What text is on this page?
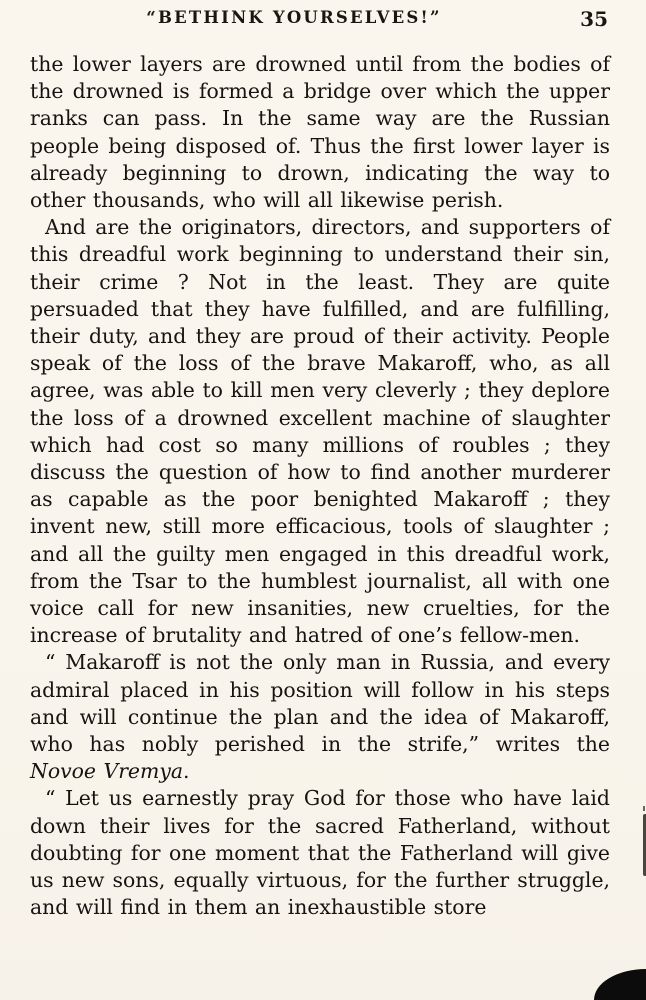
“BETHINK YOURSELVES!”	35

the lower layers are drowned until from the bodies of the drowned is formed a bridge over which the upper ranks can pass. In the same way are the Russian people being disposed of. Thus the first lower layer is already beginning to drown, indicating the way to other thousands, who will all likewise perish.

And are the originators, directors, and supporters of this dreadful work beginning to understand their sin, their crime ? Not in the least. They are quite persuaded that they have fulfilled, and are fulfilling, their duty, and they are proud of their activity. People speak of the loss of the brave Makaroff, who, as all agree, was able to kill men very cleverly ; they deplore the loss of a drowned excellent machine of slaughter which had cost so many millions of roubles ; they discuss the question of how to find another murderer as capable as the poor benighted Makaroff ; they invent new, still more efficacious, tools of slaughter ; and all the guilty men engaged in this dreadful work, from the Tsar to the humblest journalist, all with one voice call for new insanities, new cruelties, for the increase of brutality and hatred of one’s fellow-men.

“ Makaroff is not the only man in Russia, and every admiral placed in his position will follow in his steps and will continue the plan and the idea of Makaroff, who has nobly perished in the strife,” writes the Novoe Vremya.

“ Let us earnestly pray God for those who have laid down their lives for the sacred Fatherland, without doubting for one moment that the Fatherland will give us new sons, equally virtuous, for the further struggle, and will find in them an inexhaustible store
